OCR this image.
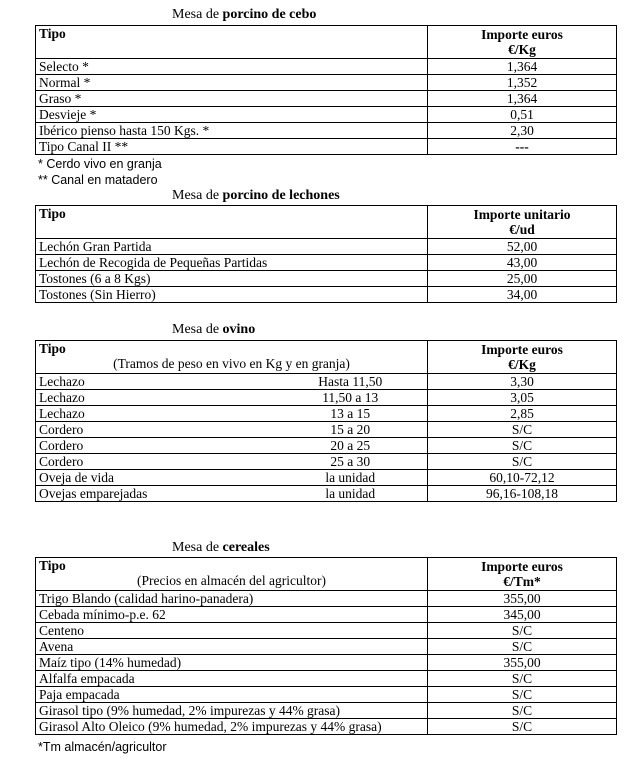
Mesa de porcino de cebo
Tipo	Importe euros
€/Kg
Selecto *	1,364
Normal *	1,352
Graso *	1,364
Desvieje *	0,51
Ibérico pienso hasta 150 Kgs. *	2,30
Tipo Canal II **	---
* Cerdo vivo en granja
** Canal en matadero
Mesa de porcino de lechones
Tipo	Importe unitario
€/ud
Lechón Gran Partida	52,00
Lechón de Recogida de Pequeñas Partidas	43,00
Tostones (6 a 8 Kgs)	25,00
Tostones (Sin Hierro)	34,00
Mesa de ovino
Tipo
(Tramos de peso en vivo en Kg y en granja)		Importe euros
€/Kg
Lechazo	Hasta 11,50	3,30
Lechazo	11,50 a 13	3,05
Lechazo	13 a 15	2,85
Cordero	15 a 20	S/C
Cordero	20 a 25	S/C
Cordero	25 a 30	S/C
Oveja de vida	la unidad	60,10-72,12
Ovejas emparejadas	la unidad	96,16-108,18
Mesa de cereales
Tipo
(Precios en almacén del agricultor)	Importe euros
€/Tm*
Trigo Blando (calidad harino-panadera)	355,00
Cebada mínimo-p.e. 62	345,00
Centeno	S/C
Avena	S/C
Maíz tipo (14% humedad)	355,00
Alfalfa empacada	S/C
Paja empacada	S/C
Girasol tipo (9% humedad, 2% impurezas y 44% grasa)	S/C
Girasol Alto Oleico (9% humedad, 2% impurezas y 44% grasa)	S/C
*Tm almacén/agricultor
